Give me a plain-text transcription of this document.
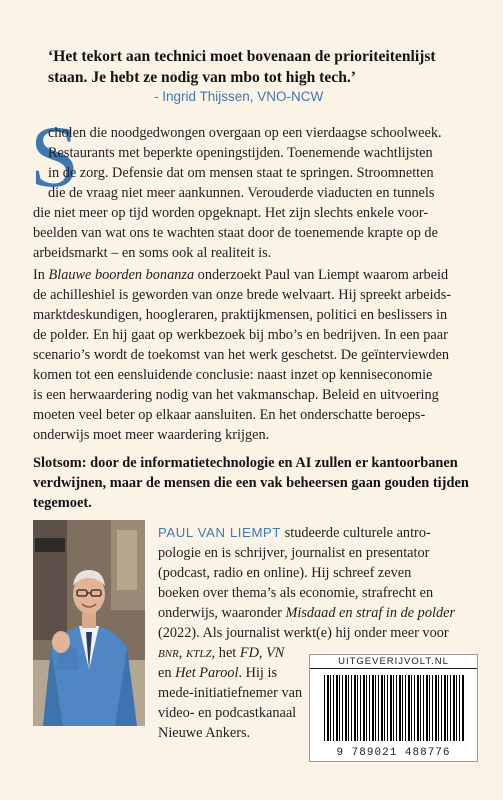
‘Het tekort aan technici moet bovenaan de prioriteitenlijst staan. Je hebt ze nodig van mbo tot high tech.’
- Ingrid Thijssen, VNO-NCW
S
cholen die noodgedwongen overgaan op een vierdaagse schoolweek.
Restaurants met beperkte openingstijden. Toenemende wachtlijsten
in de zorg. Defensie dat om mensen staat te springen. Stroomnetten
die de vraag niet meer aankunnen. Verouderde viaducten en tunnels
die niet meer op tijd worden opgeknapt. Het zijn slechts enkele voor-
beelden van wat ons te wachten staat door de toenemende krapte op de
arbeidsmarkt – en soms ook al realiteit is.
In Blauwe boorden bonanza onderzoekt Paul van Liempt waarom arbeid
de achilleshiel is geworden van onze brede welvaart. Hij spreekt arbeids-
marktdeskundigen, hoogleraren, praktijkmensen, politici en beslissers in
de polder. En hij gaat op werkbezoek bij mbo’s en bedrijven. In een paar
scenario’s wordt de toekomst van het werk geschetst. De geïnterviewden
komen tot een eensluidende conclusie: naast inzet op kenniseconomie
is een herwaardering nodig van het vakmanschap. Beleid en uitvoering
moeten veel beter op elkaar aansluiten. En het onderschatte beroeps-
onderwijs moet meer waardering krijgen.
Slotsom: door de informatietechnologie en AI zullen er kantoorbanen verdwijnen, maar de mensen die een vak beheersen gaan gouden tijden tegemoet.
PAUL VAN LIEMPT studeerde culturele antro-
pologie en is schrijver, journalist en presentator
(podcast, radio en online). Hij schreef zeven
boeken over thema’s als economie, strafrecht en
onderwijs, waaronder Misdaad en straf in de polder
(2022). Als journalist werkt(e) hij onder meer voor
BNR, KTLZ, het FD, VN
en Het Parool. Hij is
mede-initiatiefnemer van
video- en podcastkanaal
Nieuwe Ankers.
UITGEVERIJVOLT.NL
9 789021 488776
